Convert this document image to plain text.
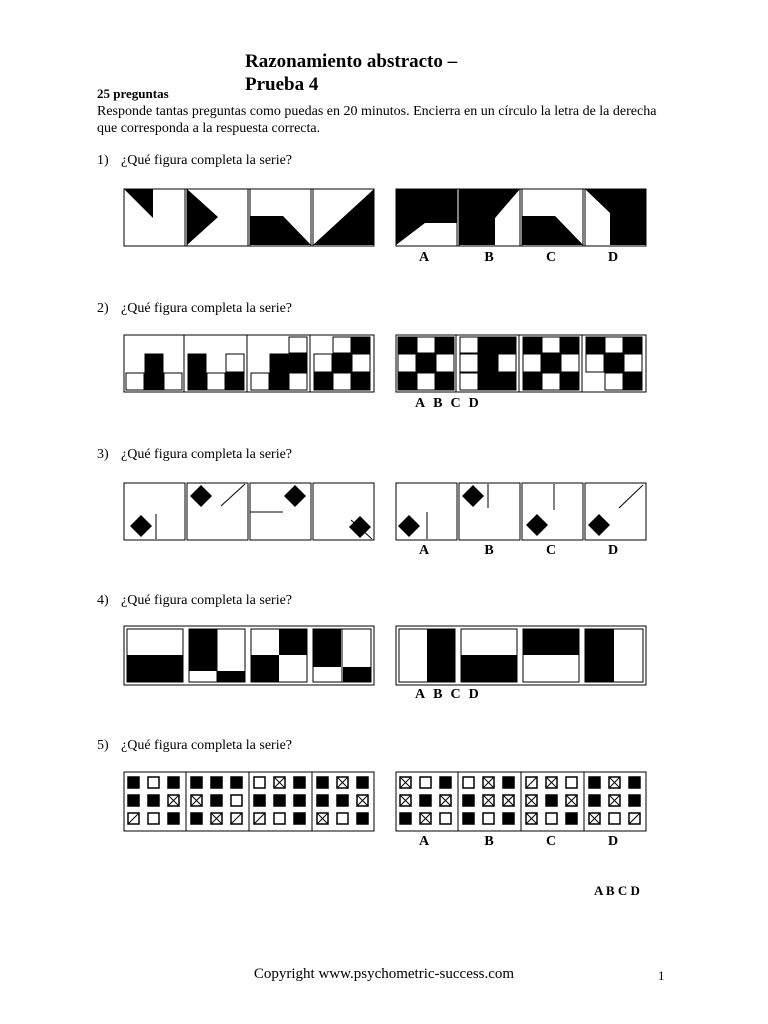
Razonamiento abstracto –
Prueba 4
25 preguntas
Responde tantas preguntas como puedas en 20 minutos. Encierra en un círculo la letra de la derecha que corresponda a la respuesta correcta.
1) ¿Qué figura completa la serie?
A	B	C	D
2) ¿Qué figura completa la serie?
A B C D
3) ¿Qué figura completa la serie?
A	B	C	D
4) ¿Qué figura completa la serie?
A B C D
5) ¿Qué figura completa la serie?
A	B	C	D
A B C D
Copyright www.psychometric-success.com	1
